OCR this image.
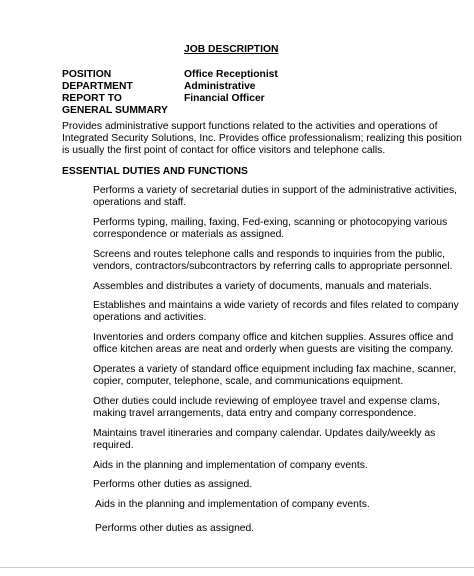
JOB DESCRIPTION
POSITION	Office Receptionist
DEPARTMENT	Administrative
REPORT TO	Financial Officer
GENERAL SUMMARY
Provides administrative support functions related to the activities and operations of
Integrated Security Solutions, Inc. Provides office professionalism; realizing this position
is usually the first point of contact for office visitors and telephone calls.
ESSENTIAL DUTIES AND FUNCTIONS
Performs a variety of secretarial duties in support of the administrative activities,
operations and staff.
Performs typing, mailing, faxing, Fed-exing, scanning or photocopying various
correspondence or materials as assigned.
Screens and routes telephone calls and responds to inquiries from the public,
vendors, contractors/subcontractors by referring calls to appropriate personnel.
Assembles and distributes a variety of documents, manuals and materials.
Establishes and maintains a wide variety of records and files related to company
operations and activities.
Inventories and orders company office and kitchen supplies. Assures office and
office kitchen areas are neat and orderly when guests are visiting the company.
Operates a variety of standard office equipment including fax machine, scanner,
copier, computer, telephone, scale, and communications equipment.
Other duties could include reviewing of employee travel and expense clams,
making travel arrangements, data entry and company correspondence.
Maintains travel itineraries and company calendar. Updates daily/weekly as
required.
Aids in the planning and implementation of company events.
Performs other duties as assigned.
Aids in the planning and implementation of company events.
Performs other duties as assigned.
